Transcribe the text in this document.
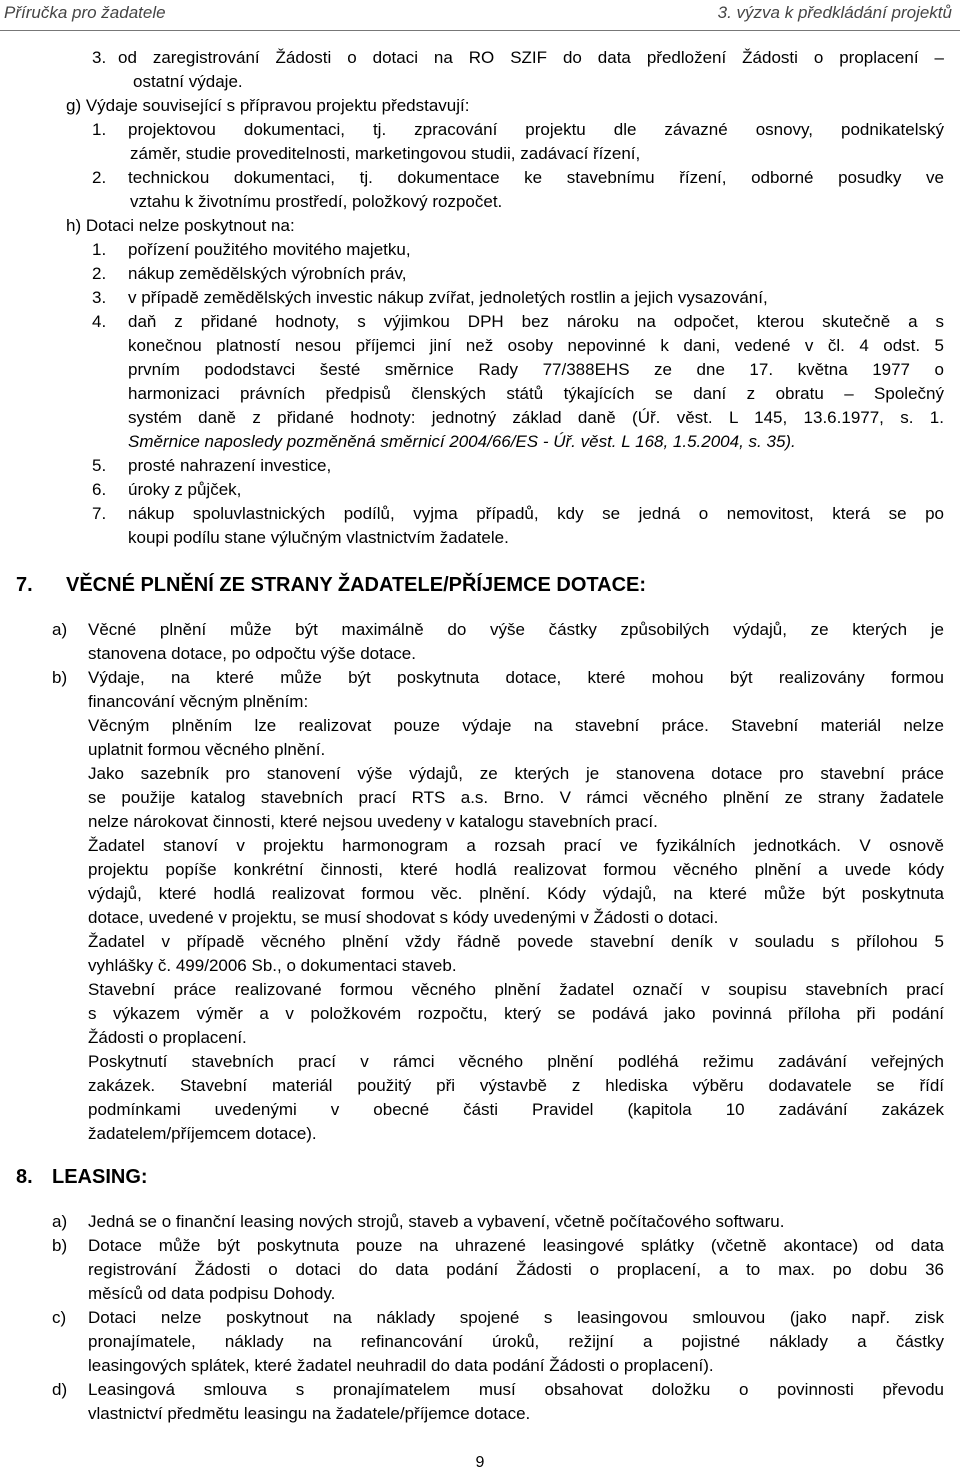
Příručka pro žadatele	3. výzva k předkládání projektů
3. od zaregistrování Žádosti o dotaci na RO SZIF do data předložení Žádosti o proplacení –
ostatní výdaje.
g) Výdaje související s přípravou projektu představují:
1. projektovou dokumentaci, tj. zpracování projektu dle závazné osnovy, podnikatelský
záměr, studie proveditelnosti, marketingovou studii, zadávací řízení,
2. technickou dokumentaci, tj. dokumentace ke stavebnímu řízení, odborné posudky ve
vztahu k životnímu prostředí, položkový rozpočet.
h) Dotaci nelze poskytnout na:
1.
2.
3.
4.
pořízení použitého movitého majetku,
nákup zemědělských výrobních práv,
v případě zemědělských investic nákup zvířat, jednoletých rostlin a jejich vysazování,
daň z přidané hodnoty, s výjimkou DPH bez nároku na odpočet, kterou skutečně a s
konečnou platností nesou příjemci jiní než osoby nepovinné k dani, vedené v čl. 4 odst. 5
prvním pododstavci šesté směrnice Rady 77/388EHS ze dne 17. května 1977 o
harmonizaci právních předpisů členských států týkajících se daní z obratu – Společný
systém daně z přidané hodnoty: jednotný základ daně (Úř. věst. L 145, 13.6.1977, s. 1.
Směrnice naposledy pozměněná směrnicí 2004/66/ES - Úř. věst. L 168, 1.5.2004, s. 35).
prosté nahrazení investice,
úroky z půjček,
nákup spoluvlastnických podílů, vyjma případů, kdy se jedná o nemovitost, která se po
koupi podílu stane výlučným vlastnictvím žadatele.
5.
6.
7.
7. VĚCNÉ PLNĚNÍ ZE STRANY ŽADATELE/PŘÍJEMCE DOTACE:
a) Věcné plnění může být maximálně do výše částky způsobilých výdajů, ze kterých je
stanovena dotace, po odpočtu výše dotace.
b) Výdaje, na které může být poskytnuta dotace, které mohou být realizovány formou
financování věcným plněním:
Věcným plněním lze realizovat pouze výdaje na stavební práce. Stavební materiál nelze
uplatnit formou věcného plnění.
Jako sazebník pro stanovení výše výdajů, ze kterých je stanovena dotace pro stavební práce
se použije katalog stavebních prací RTS a.s. Brno. V rámci věcného plnění ze strany žadatele
nelze nárokovat činnosti, které nejsou uvedeny v katalogu stavebních prací.
Žadatel stanoví v projektu harmonogram a rozsah prací ve fyzikálních jednotkách. V osnově
projektu popíše konkrétní činnosti, které hodlá realizovat formou věcného plnění a uvede kódy
výdajů, které hodlá realizovat formou věc. plnění. Kódy výdajů, na které může být poskytnuta
dotace, uvedené v projektu, se musí shodovat s kódy uvedenými v Žádosti o dotaci.
Žadatel v případě věcného plnění vždy řádně povede stavební deník v souladu s přílohou 5
vyhlášky č. 499/2006 Sb., o dokumentaci staveb.
Stavební práce realizované formou věcného plnění žadatel označí v soupisu stavebních prací
s výkazem výměr a v položkovém rozpočtu, který se podává jako povinná příloha při podání
Žádosti o proplacení.
Poskytnutí stavebních prací v rámci věcného plnění podléhá režimu zadávání veřejných
zakázek. Stavební materiál použitý při výstavbě z hlediska výběru dodavatele se řídí
podmínkami uvedenými v obecné části Pravidel (kapitola 10 zadávání zakázek
žadatelem/příjemcem dotace).
8. LEASING:
a) Jedná se o finanční leasing nových strojů, staveb a vybavení, včetně počítačového softwaru.
b) Dotace může být poskytnuta pouze na uhrazené leasingové splátky (včetně akontace) od data
registrování Žádosti o dotaci do data podání Žádosti o proplacení, a to max. po dobu 36
měsíců od data podpisu Dohody.
c) Dotaci nelze poskytnout na náklady spojené s leasingovou smlouvou (jako např. zisk
pronajímatele, náklady na refinancování úroků, režijní a pojistné náklady a částky
leasingových splátek, které žadatel neuhradil do data podání Žádosti o proplacení).
d) Leasingová smlouva s pronajímatelem musí obsahovat doložku o povinnosti převodu
vlastnictví předmětu leasingu na žadatele/příjemce dotace.
9
